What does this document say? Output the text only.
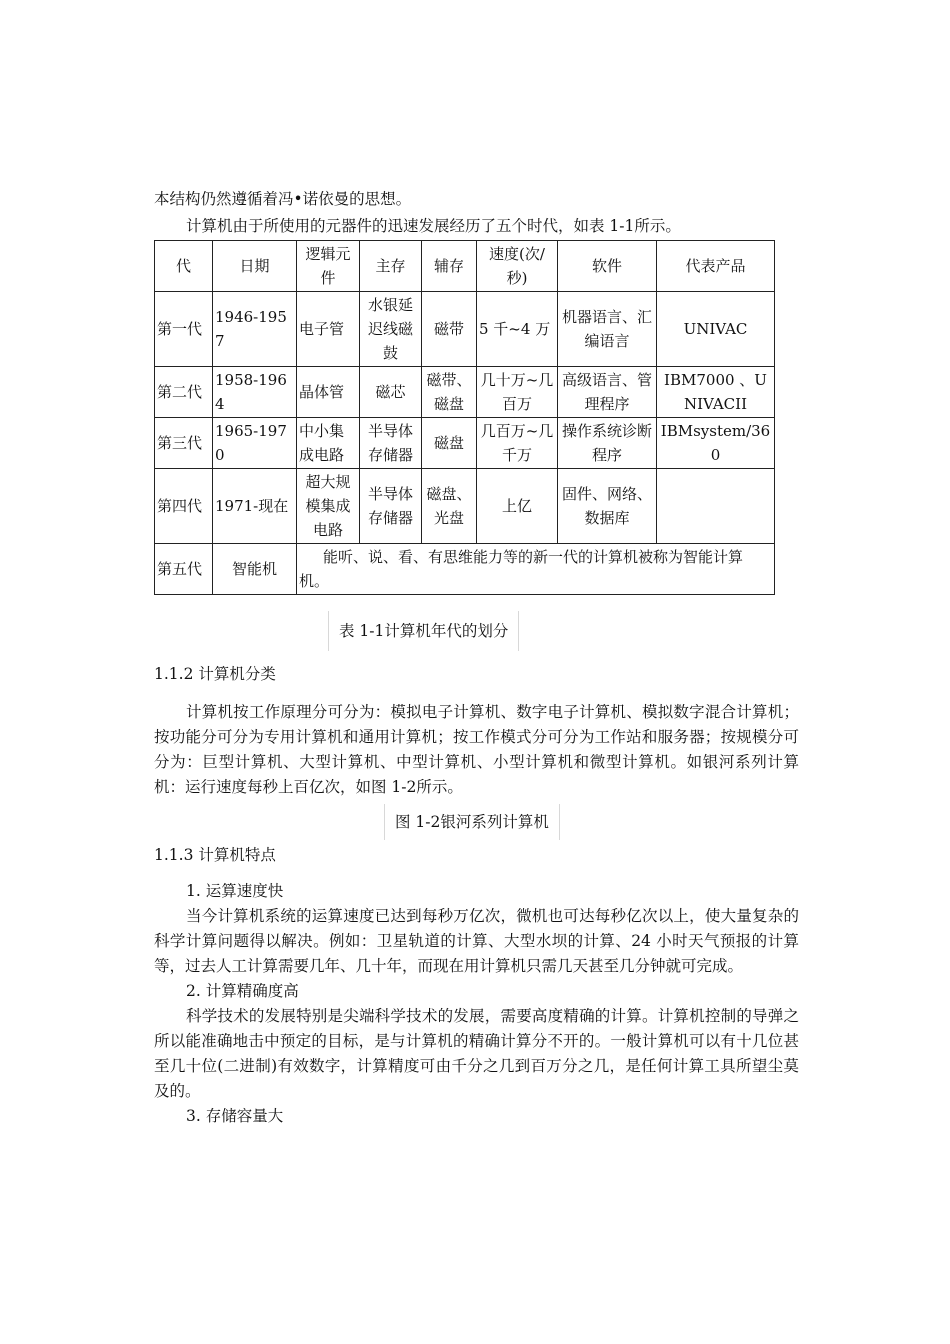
本结构仍然遵循着冯•诺依曼的思想。
计算机由于所使用的元器件的迅速发展经历了五个时代，如表 1-1所示。
代	日期	逻辑元件	主存	辅存	速度(次/秒)	软件	代表产品
第一代	1946-1957	电子管	水银延迟线磁鼓	磁带	5 千~4 万	机器语言、汇编语言	UNIVAC
第二代	1958-1964	晶体管	磁芯	磁带、磁盘	几十万~几百万	高级语言、管理程序	IBM7000 、UNIVACII
第三代	1965-1970	中小集成电路	半导体存储器	磁盘	几百万~几千万	操作系统诊断程序	IBMsystem/360
第四代	1971-现在	超大规模集成电路	半导体存储器	磁盘、光盘	上亿	固件、网络、数据库	
第五代	智能机	能听、说、看、有思维能力等的新一代的计算机被称为智能计算机。					
表 1-1计算机年代的划分
1.1.2 计算机分类
计算机按工作原理分可分为：模拟电子计算机、数字电子计算机、模拟数字混合计算机；按功能分可分为专用计算机和通用计算机；按工作模式分可分为工作站和服务器；按规模分可分为：巨型计算机、大型计算机、中型计算机、小型计算机和微型计算机。如银河系列计算机：运行速度每秒上百亿次，如图 1-2所示。
图 1-2银河系列计算机
1.1.3 计算机特点
1. 运算速度快
当今计算机系统的运算速度已达到每秒万亿次，微机也可达每秒亿次以上，使大量复杂的科学计算问题得以解决。例如：卫星轨道的计算、大型水坝的计算、24 小时天气预报的计算等，过去人工计算需要几年、几十年，而现在用计算机只需几天甚至几分钟就可完成。
2. 计算精确度高
科学技术的发展特别是尖端科学技术的发展，需要高度精确的计算。计算机控制的导弹之所以能准确地击中预定的目标，是与计算机的精确计算分不开的。一般计算机可以有十几位甚至几十位(二进制)有效数字，计算精度可由千分之几到百万分之几，是任何计算工具所望尘莫及的。
3. 存储容量大
